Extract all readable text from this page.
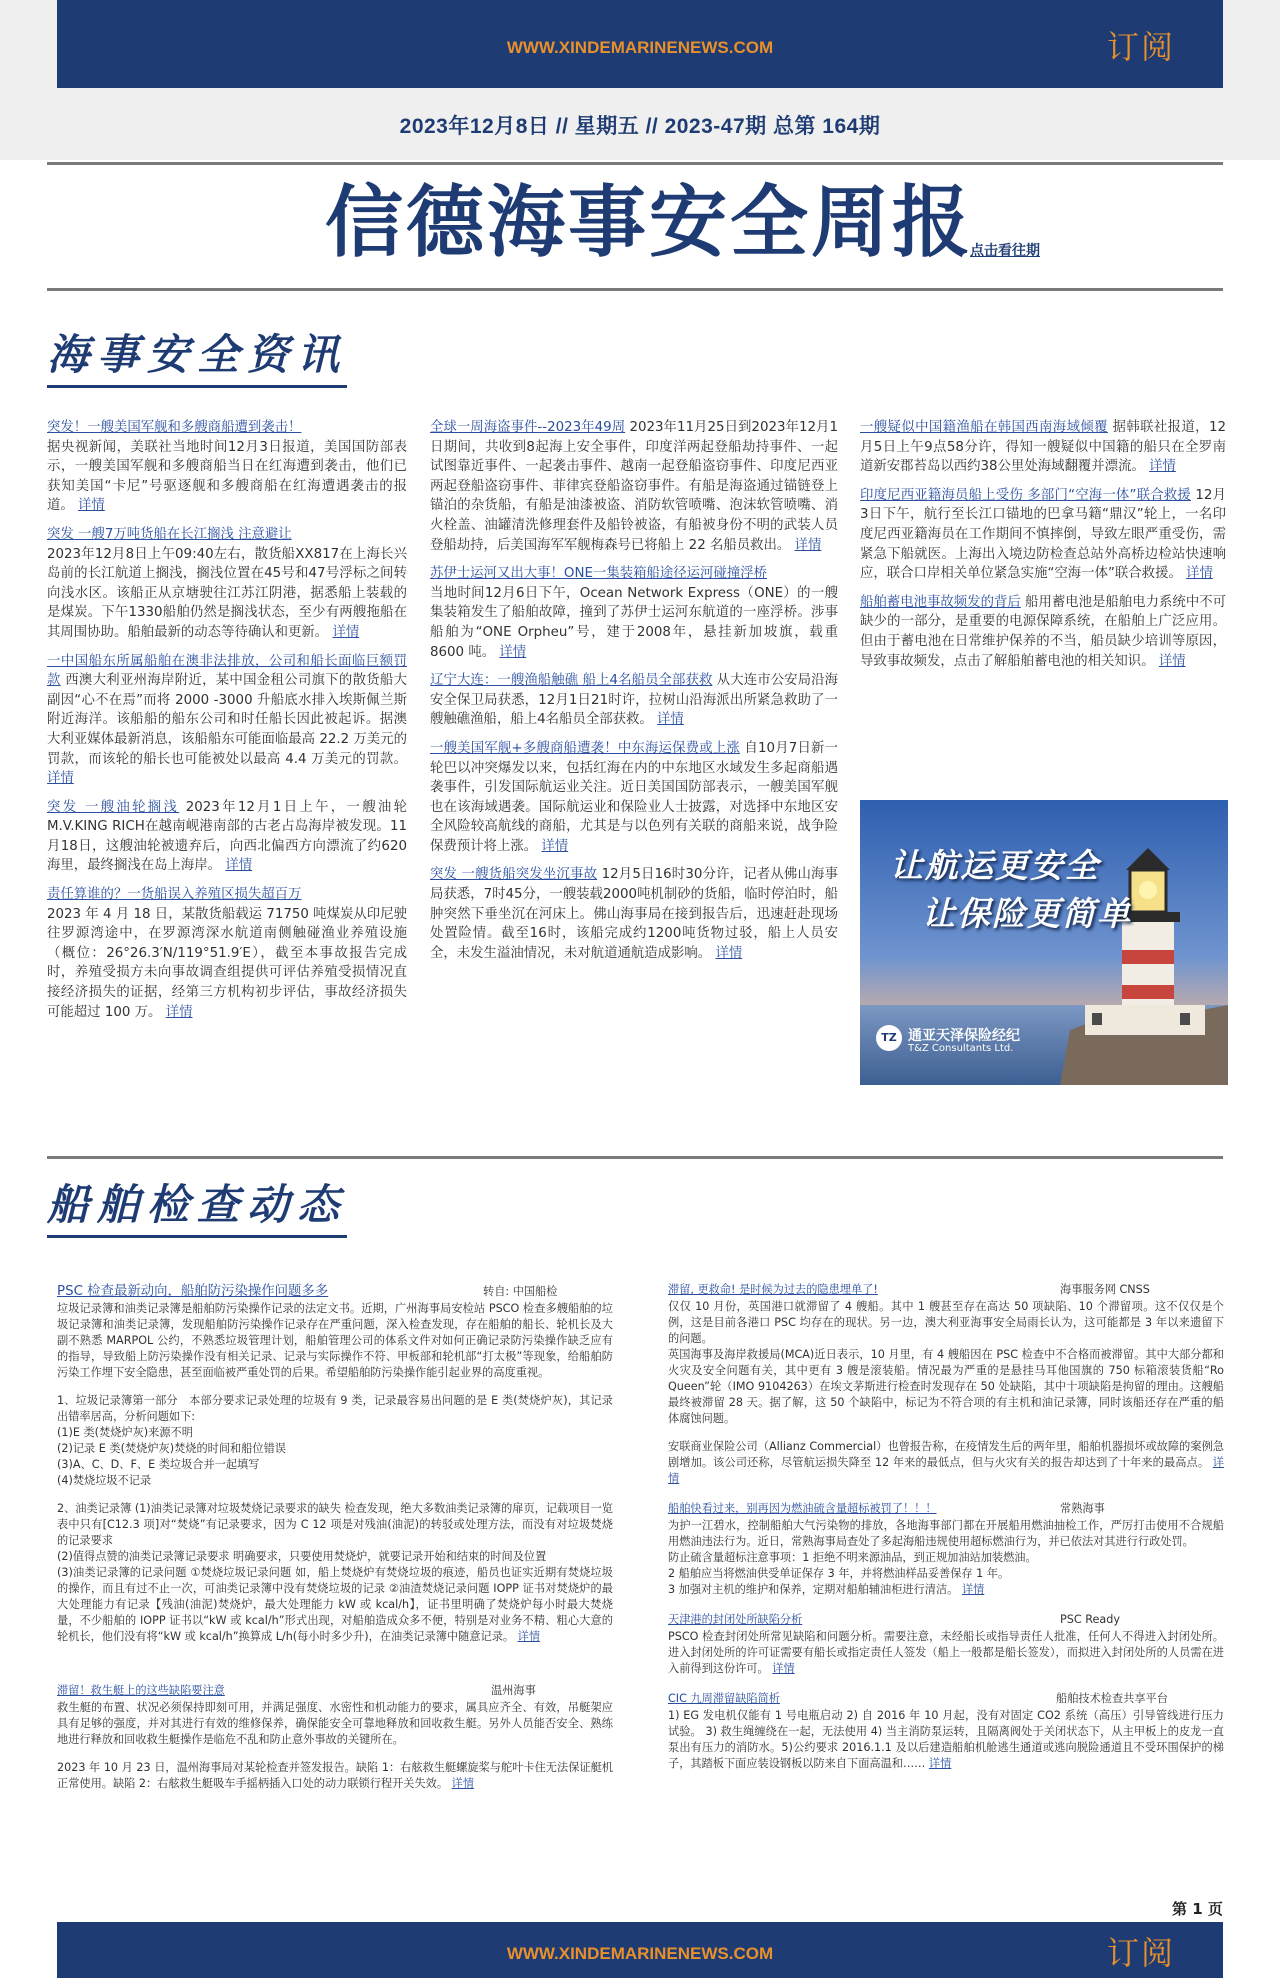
WWW.XINDEMARINENEWS.COM	订阅
2023年12月8日 // 星期五 // 2023-47期 总第 164期
信德海事安全周报
点击看往期
海事安全资讯
突发！一艘美国军舰和多艘商船遭到袭击！
据央视新闻，美联社当地时间12月3日报道，美国国防部表示，一艘美国军舰和多艘商船当日在红海遭到袭击，他们已获知美国“卡尼”号驱逐舰和多艘商船在红海遭遇袭击的报道。 详情
突发 一艘7万吨货船在长江搁浅 注意避让
2023年12月8日上午09:40左右，散货船XX817在上海长兴岛前的长江航道上搁浅，搁浅位置在45号和47号浮标之间转向浅水区。该船正从京塘驶往江苏江阴港，据悉船上装载的是煤炭。下午1330船舶仍然是搁浅状态，至少有两艘拖船在其周围协助。船舶最新的动态等待确认和更新。 详情
一中国船东所属船舶在澳非法排放，公司和船长面临巨额罚款 西澳大利亚州海岸附近，某中国金租公司旗下的散货船大副因“心不在焉”而将 2000 -3000 升船底水排入埃斯佩兰斯附近海洋。该船船的船东公司和时任船长因此被起诉。据澳大利亚媒体最新消息，该船船东可能面临最高 22.2 万美元的罚款，而该轮的船长也可能被处以最高 4.4 万美元的罚款。 详情
突发 一艘油轮搁浅 2023年12月1日上午，一艘油轮M.V.KING RICH在越南岘港南部的古老占岛海岸被发现。11月18日，这艘油轮被遗弃后，向西北偏西方向漂流了约620海里，最终搁浅在岛上海岸。 详情
责任算谁的？一货船误入养殖区损失超百万
2023 年 4 月 18 日，某散货船载运 71750 吨煤炭从印尼驶往罗源湾途中，在罗源湾深水航道南侧触碰渔业养殖设施（概位：26°26.3′N/119°51.9′E），截至本事故报告完成时，养殖受损方未向事故调查组提供可评估养殖受损情况直接经济损失的证据，经第三方机构初步评估，事故经济损失可能超过 100 万。 详情
全球一周海盗事件--2023年49周 2023年11月25日到2023年12月1日期间，共收到8起海上安全事件，印度洋两起登船劫持事件、一起试图靠近事件、一起袭击事件、越南一起登船盗窃事件、印度尼西亚两起登船盗窃事件、菲律宾登船盗窃事件。有船是海盗通过锚链登上锚泊的杂货船，有船是油漆被盗、消防软管喷嘴、泡沫软管喷嘴、消火栓盖、油罐清洗修理套件及船铃被盗，有船被身份不明的武装人员登船劫持，后美国海军军舰梅森号已将船上 22 名船员救出。 详情
苏伊士运河又出大事！ONE一集装箱船途径运河碰撞浮桥
当地时间12月6日下午，Ocean Network Express（ONE）的一艘集装箱发生了船舶故障，撞到了苏伊士运河东航道的一座浮桥。涉事船舶为“ONE Orpheu”号，建于2008年，悬挂新加坡旗，载重 8600 吨。 详情
辽宁大连：一艘渔船触礁 船上4名船员全部获救 从大连市公安局沿海安全保卫局获悉，12月1日21时许，拉树山沿海派出所紧急救助了一艘触礁渔船，船上4名船员全部获救。 详情
一艘美国军舰+多艘商船遭袭！中东海运保费或上涨 自10月7日新一轮巴以冲突爆发以来，包括红海在内的中东地区水域发生多起商船遇袭事件，引发国际航运业关注。近日美国国防部表示，一艘美国军舰也在该海域遇袭。国际航运业和保险业人士披露，对选择中东地区安全风险较高航线的商船，尤其是与以色列有关联的商船来说，战争险保费预计将上涨。 详情
突发 一艘货船突发坐沉事故 12月5日16时30分许，记者从佛山海事局获悉，7时45分，一艘装载2000吨机制砂的货船，临时停泊时，船肿突然下垂坐沉在河床上。佛山海事局在接到报告后，迅速赶赴现场处置险情。截至16时，该船完成约1200吨货物过驳，船上人员安全，未发生溢油情况，未对航道通航造成影响。 详情
一艘疑似中国籍渔船在韩国西南海域倾覆 据韩联社报道，12月5日上午9点58分许，得知一艘疑似中国籍的船只在全罗南道新安郡苔岛以西约38公里处海域翻覆并漂流。 详情
印度尼西亚籍海员船上受伤 多部门“空海一体”联合救援 12月3日下午，航行至长江口锚地的巴拿马籍“鼎汉”轮上，一名印度尼西亚籍海员在工作期间不慎摔倒，导致左眼严重受伤，需紧急下船就医。上海出入境边防检查总站外高桥边检站快速响应，联合口岸相关单位紧急实施“空海一体”联合救援。 详情
船舶蓄电池事故频发的背后 船用蓄电池是船舶电力系统中不可缺少的一部分，是重要的电源保障系统，在船舶上广泛应用。但由于蓄电池在日常维护保养的不当，船员缺少培训等原因，导致事故频发，点击了解船舶蓄电池的相关知识。 详情
让航运更安全
让保险更简单
TZ 通亚天泽保险经纪
T&Z Consultants Ltd.
船舶检查动态
PSC 检查最新动向，船舶防污染操作问题多多	转自: 中国船检
垃圾记录簿和油类记录簿是船舶防污染操作记录的法定文书。近期，广州海事局安检站 PSCO 检查多艘船舶的垃圾记录簿和油类记录簿，发现船舶防污染操作记录存在严重问题，深入检查发现，存在船舶的船长、轮机长及大副不熟悉 MARPOL 公约，不熟悉垃圾管理计划，船舶管理公司的体系文件对如何正确记录防污染操作缺乏应有的指导，导致船上防污染操作没有相关记录、记录与实际操作不符、甲板部和轮机部“打太极”等现象，给船舶防污染工作埋下安全隐患，甚至面临被严重处罚的后果。希望船舶防污染操作能引起业界的高度重视。
1、垃圾记录簿第一部分　本部分要求记录处理的垃圾有 9 类，记录最容易出问题的是 E 类(焚烧炉灰)，其记录出错率居高，分析问题如下:
(1)E 类(焚烧炉灰)来源不明
(2)记录 E 类(焚烧炉灰)焚烧的时间和船位错误
(3)A、C、D、F、E 类垃圾合并一起填写
(4)焚烧垃圾不记录
2、油类记录簿 (1)油类记录簿对垃圾焚烧记录要求的缺失 检查发现，绝大多数油类记录簿的扉页，记载项目一览表中只有[C12.3 项]对“焚烧”有记录要求，因为 C 12 项是对残油(油泥)的转驳或处理方法，而没有对垃圾焚烧的记录要求
(2)值得点赞的油类记录簿记录要求 明确要求，只要使用焚烧炉，就要记录开始和结束的时间及位置
(3)油类记录簿的记录问题 ①焚烧垃圾记录问题 如，船上焚烧炉有焚烧垃圾的痕迹，船员也证实近期有焚烧垃圾的操作，而且有过不止一次，可油类记录簿中没有焚烧垃圾的记录 ②油渣焚烧记录问题 IOPP 证书对焚烧炉的最大处理能力有记录【残油(油泥)焚烧炉，最大处理能力 kW 或 kcal/h】，证书里明确了焚烧炉每小时最大焚烧量，不少船舶的 IOPP 证书以“kW 或 kcal/h”形式出现，对船舶造成众多不便，特别是对业务不精、粗心大意的轮机长，他们没有将“kW 或 kcal/h”换算成 L/h(每小时多少升)，在油类记录簿中随意记录。 详情
滞留！救生艇上的这些缺陷要注意	温州海事
救生艇的布置、状况必须保持即刻可用，并满足强度、水密性和机动能力的要求，属具应齐全、有效，吊艇架应具有足够的强度，并对其进行有效的维修保养，确保能安全可靠地释放和回收救生艇。另外人员能否安全、熟练地进行释放和回收救生艇操作是临危不乱和防止意外事故的关键所在。
2023 年 10 月 23 日，温州海事局对某轮检查并签发报告。缺陷 1：右舷救生艇螺旋桨与舵叶卡住无法保证艇机正常使用。缺陷 2：右舷救生艇吸车手摇柄插入口处的动力联锁行程开关失效。 详情
滞留, 更救命! 是时候为过去的隐患埋单了!	海事服务网 CNSS
仅仅 10 月份，英国港口就滞留了 4 艘船。其中 1 艘甚至存在高达 50 项缺陷、10 个滞留项。这不仅仅是个例，这是目前各港口 PSC 均存在的现状。另一边，澳大利亚海事安全局雨长认为，这可能都是 3 年以来遗留下的问题。
英国海事及海岸救援局(MCA)近日表示，10 月里，有 4 艘船因在 PSC 检查中不合格而被滞留。其中大部分都和火灾及安全问题有关，其中更有 3 艘是滚装船。情况最为严重的是悬挂马耳他国旗的 750 标箱滚装货船“Ro Queen”轮（IMO 9104263）在埃文茅斯进行检查时发现存在 50 处缺陷，其中十项缺陷是拘留的理由。这艘船最终被滞留 28 天。据了解，这 50 个缺陷中，标记为不符合项的有主机和油记录簿，同时该船还存在严重的船体腐蚀问题。
安联商业保险公司（Allianz Commercial）也曾报告称，在疫情发生后的两年里，船舶机器损坏或故障的案例急剧增加。该公司还称，尽管航运损失降至 12 年来的最低点，但与火灾有关的报告却达到了十年来的最高点。 详情
船舶快看过来，别再因为燃油硫含量超标被罚了！！！	常熟海事
为护一江碧水，控制船舶大气污染物的排放，各地海事部门都在开展船用燃油抽检工作，严厉打击使用不合规船用燃油违法行为。近日，常熟海事局查处了多起海船违规使用超标燃油行为，并已依法对其进行行政处罚。
防止硫含量超标注意事项：1 拒绝不明来源油品，到正规加油站加装燃油。
2 船舶应当将燃油供受单证保存 3 年，并将燃油样品妥善保存 1 年。
3 加强对主机的维护和保养，定期对船舶辅油柜进行清洁。 详情
天津港的封闭处所缺陷分析	PSC Ready
PSCO 检查封闭处所常见缺陷和问题分析。需要注意，未经船长或指导责任人批准，任何人不得进入封闭处所。进入封闭处所的许可证需要有船长或指定责任人签发（船上一般都是船长签发），而拟进入封闭处所的人员需在进入前得到这份许可。 详情
CIC 九周滞留缺陷简析	船舶技术检查共享平台
1) EG 发电机仅能有 1 号电瓶启动 2) 自 2016 年 10 月起，没有对固定 CO2 系统（高压）引导管线进行压力试验。 3) 救生绳缠绕在一起，无法使用 4) 当主消防泵运转，且隔离阀处于关闭状态下，从主甲板上的皮龙一直泵出有压力的消防水。5)公约要求 2016.1.1 及以后建造船舶机舱逃生通道或逃向脱险通道且不受环围保护的梯子，其踏板下面应装设钢板以防来自下面高温和…… 详情
第 1 页
WWW.XINDEMARINENEWS.COM	订阅
